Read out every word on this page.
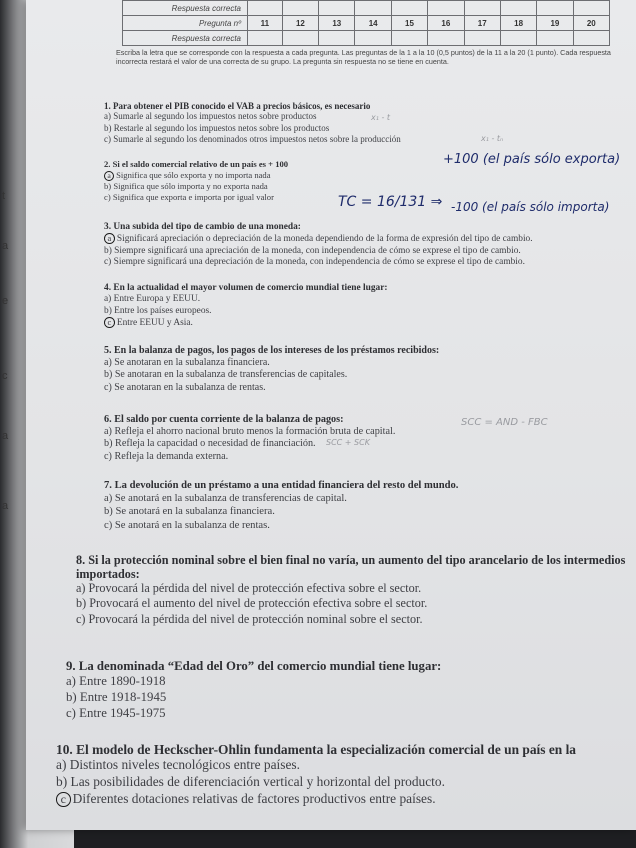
t
a
e
c
a
a
Respuesta correcta										
Pregunta nº	11	12	13	14	15	16	17	18	19	20
Respuesta correcta										
Escriba la letra que se corresponde con la respuesta a cada pregunta. Las preguntas de la 1 a la 10 (0,5 puntos) de la 11 a la 20 (1 punto). Cada respuesta incorrecta restará el valor de una correcta de su grupo. La pregunta sin respuesta no se tiene en cuenta.
1. Para obtener el PIB conocido el VAB a precios básicos, es necesario
a) Sumarle al segundo los impuestos netos sobre productos
b) Restarle al segundo los impuestos netos sobre los productos
c) Sumarle al segundo los denominados otros impuestos netos sobre la producción
x₁ - t
x₁ - tₙ
2. Si el saldo comercial relativo de un país es + 100
a Significa que sólo exporta y no importa nada
b) Significa que sólo importa y no exporta nada
c) Significa que exporta e importa por igual valor
+100 (el país sólo exporta)
TC = 16/131 ⇒ -100 (el país sólo importa)
3. Una subida del tipo de cambio de una moneda:
a Significará apreciación o depreciación de la moneda dependiendo de la forma de expresión del tipo de cambio.
b) Siempre significará una apreciación de la moneda, con independencia de cómo se exprese el tipo de cambio.
c) Siempre significará una depreciación de la moneda, con independencia de cómo se exprese el tipo de cambio.
4. En la actualidad el mayor volumen de comercio mundial tiene lugar:
a) Entre Europa y EEUU.
b) Entre los países europeos.
c Entre EEUU y Asia.
5. En la balanza de pagos, los pagos de los intereses de los préstamos recibidos:
a) Se anotaran en la subalanza financiera.
b) Se anotaran en la subalanza de transferencias de capitales.
c) Se anotaran en la subalanza de rentas.
6. El saldo por cuenta corriente de la balanza de pagos:
a) Refleja el ahorro nacional bruto menos la formación bruta de capital.
b) Refleja la capacidad o necesidad de financiación.
c) Refleja la demanda externa.
SCC = AND - FBC
SCC + SCK
7. La devolución de un préstamo a una entidad financiera del resto del mundo.
a) Se anotará en la subalanza de transferencias de capital.
b) Se anotará en la subalanza financiera.
c) Se anotará en la subalanza de rentas.
8. Si la protección nominal sobre el bien final no varía, un aumento del tipo arancelario de los intermedios importados:
a) Provocará la pérdida del nivel de protección efectiva sobre el sector.
b) Provocará el aumento del nivel de protección efectiva sobre el sector.
c) Provocará la pérdida del nivel de protección nominal sobre el sector.
9. La denominada “Edad del Oro” del comercio mundial tiene lugar:
a) Entre 1890-1918
b) Entre 1918-1945
c) Entre 1945-1975
10. El modelo de Heckscher-Ohlin fundamenta la especialización comercial de un país en la
a) Distintos niveles tecnológicos entre países.
b) Las posibilidades de diferenciación vertical y horizontal del producto.
c Diferentes dotaciones relativas de factores productivos entre países.
